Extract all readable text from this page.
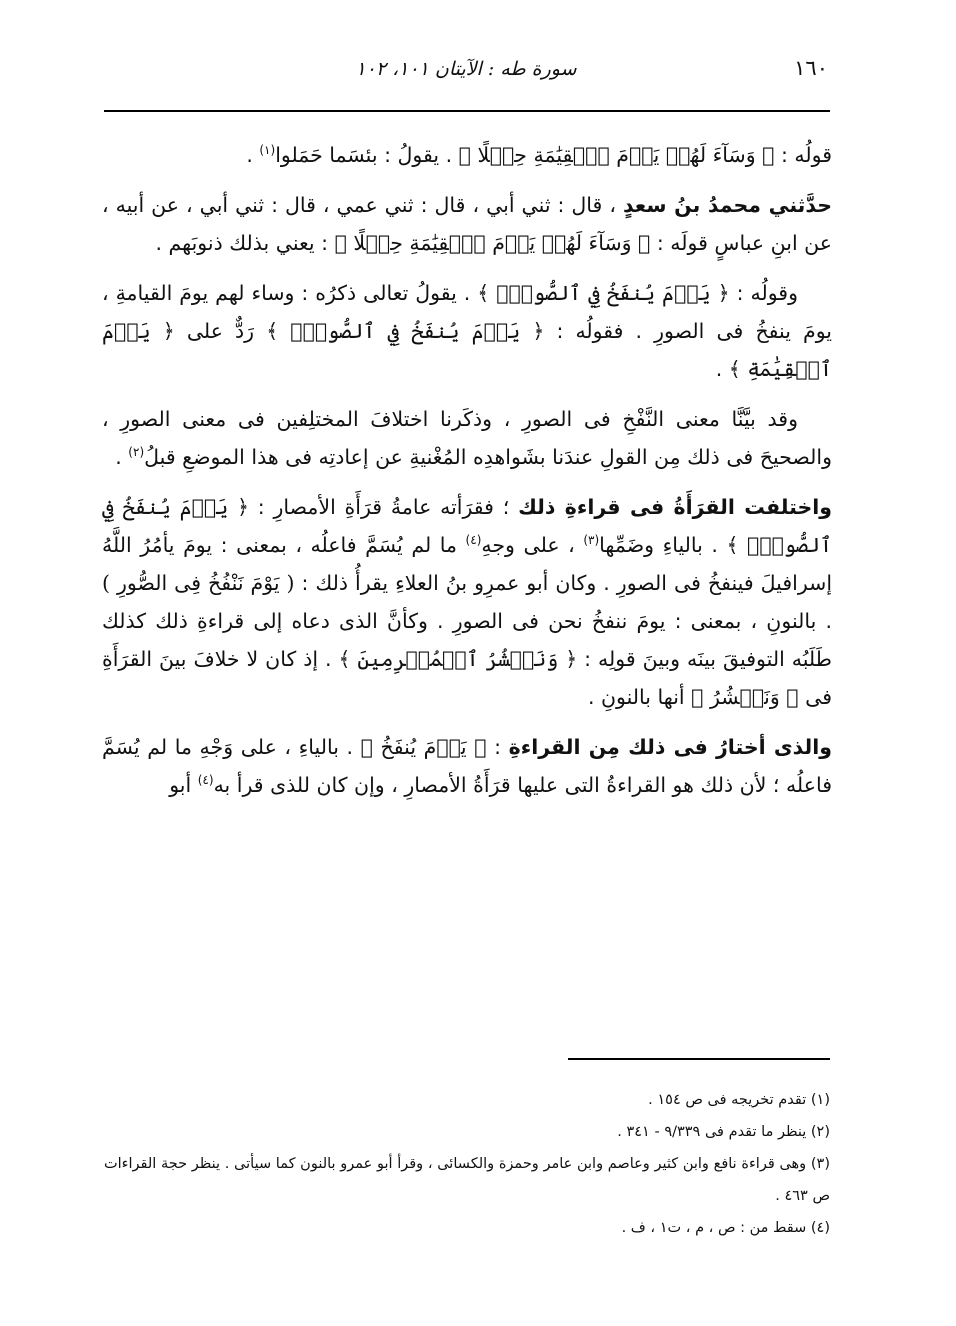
١٦٠
سورة طه : الآيتان ١٠١، ١٠٢

قولُه : ﴿ وَسَآءَ لَهُمۡ يَوۡمَ ٱلۡقِيَٰمَةِ حِمۡلًا ﴾ . يقولُ : بئسَما حَمَلوا$^{(١)}$ .

حدَّثني محمدُ بنُ سعدٍ ، قال : ثني أبي ، قال : ثني عمي ، قال : ثني أبي ، عن أبيه ، عن ابنِ عباسٍ قولَه : ﴿ وَسَآءَ لَهُمۡ يَوۡمَ ٱلۡقِيَٰمَةِ حِمۡلًا ﴾ : يعني بذلك ذنوبَهم .

وقولُه : ﴿ يَوۡمَ يُنفَخُ فِي ٱلصُّورِۚ ﴾ . يقولُ تعالى ذكرُه : وساء لهم يومَ القيامةِ ، يومَ ينفخُ فى الصورِ . فقولُه : ﴿ يَوۡمَ يُنفَخُ فِي ٱلصُّورِۚ ﴾ رَدٌّ على ﴿ يَوۡمَ ٱلۡقِيَٰمَةِ ﴾ .

وقد بيَّنَّا معنى النَّفْخِ فى الصورِ ، وذكَرنا اختلافَ المختلِفين فى معنى الصورِ ، والصحيحَ فى ذلك مِن القولِ عندَنا بشَواهدِه المُغْنيةِ عن إعادتِه فى هذا الموضعِ قبلُ$^{(٢)}$ .

واختلفت القرَأَةُ فى قراءةِ ذلك ؛ فقرَأته عامةُ قرَأَةِ الأمصارِ : ﴿ يَوۡمَ يُنفَخُ فِي ٱلصُّورِۚ ﴾ . بالياءِ وضَمِّها$^{(٣)}$ ، على وجهِ$^{(٤)}$ ما لم يُسَمَّ فاعلُه ، بمعنى : يومَ يأمُرُ اللَّهُ إسرافيلَ فينفخُ فى الصورِ . وكان أبو عمرِو بنُ العلاءِ يقرأُ ذلك : ( يَوْمَ نَنْفُخُ فِى الصُّورِ ) . بالنونِ ، بمعنى : يومَ ننفخُ نحن فى الصورِ . وكأنَّ الذى دعاه إلى قراءةِ ذلك كذلك طَلَبُه التوفيقَ بينَه وبينَ قولِه : ﴿ وَنَحۡشُرُ ٱلۡمُجۡرِمِينَ ﴾ . إذ كان لا خلافَ بينَ القرَأَةِ فى ﴿ وَنَحۡشُرُ ﴾ أنها بالنونِ .

والذى أختارُ فى ذلك مِن القراءةِ : ﴿ يَوۡمَ يُنفَخُ ﴾ . بالياءِ ، على وَجْهِ ما لم يُسَمَّ فاعلُه ؛ لأن ذلك هو القراءةُ التى عليها قرَأَةُ الأمصارِ ، وإن كان للذى قرأ به$^{(٤)}$ أبو

(١) تقدم تخريجه فى ص ١٥٤ .

(٢) ينظر ما تقدم فى ٩/٣٣٩ - ٣٤١ .

(٣) وهى قراءة نافع وابن كثير وعاصم وابن عامر وحمزة والكسائى ، وقرأ أبو عمرو بالنون كما سيأتى . ينظر حجة القراءات ص ٤٦٣ .

(٤) سقط من : ص ، م ، ت١ ، ف .
